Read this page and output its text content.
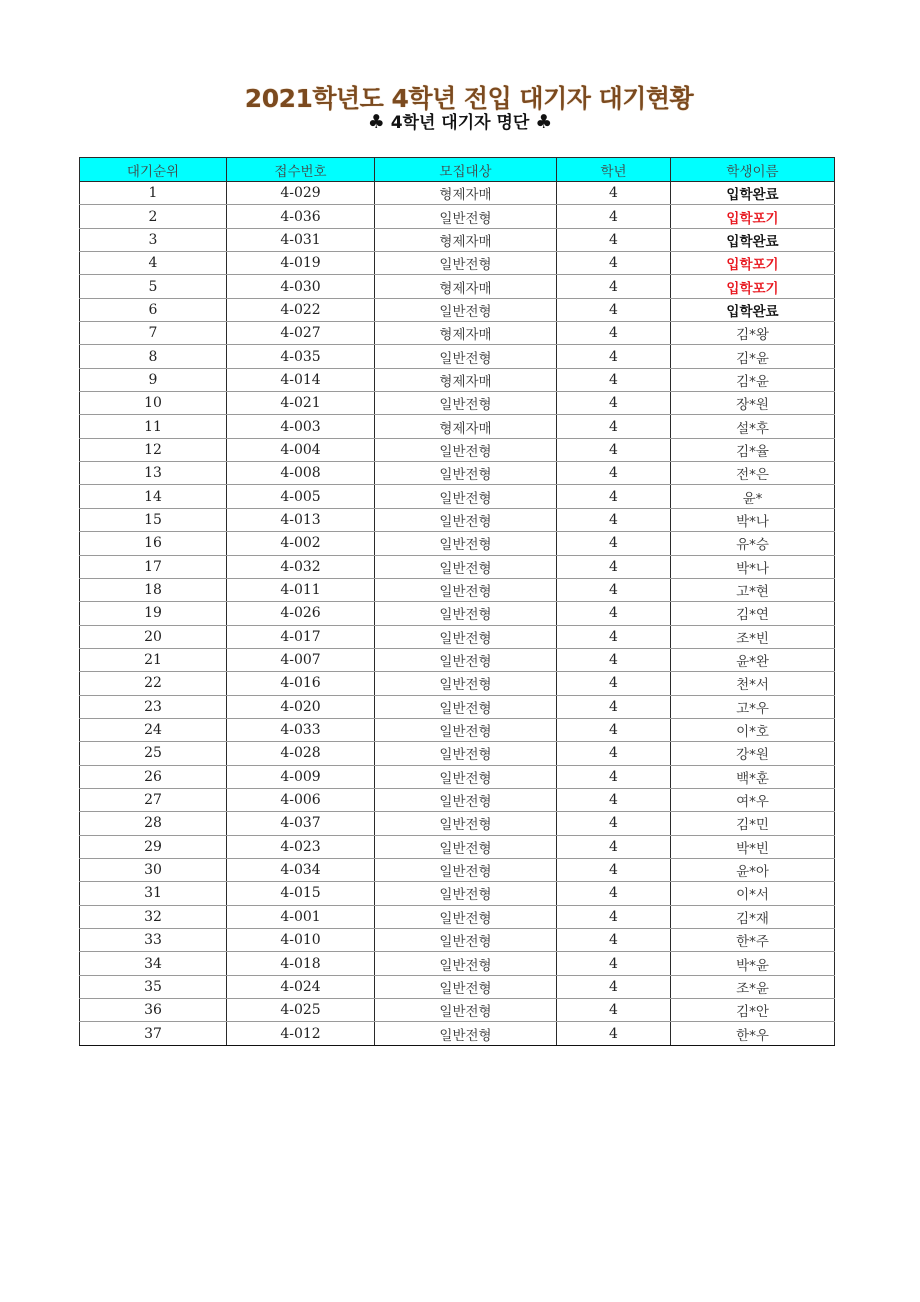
2021학년도 4학년 전입 대기자 대기현황
♣ 4학년 대기자 명단 ♣
대기순위	접수번호	모집대상	학년	학생이름
1	4-029	형제자매	4	입학완료
2	4-036	일반전형	4	입학포기
3	4-031	형제자매	4	입학완료
4	4-019	일반전형	4	입학포기
5	4-030	형제자매	4	입학포기
6	4-022	일반전형	4	입학완료
7	4-027	형제자매	4	김*왕
8	4-035	일반전형	4	김*윤
9	4-014	형제자매	4	김*윤
10	4-021	일반전형	4	장*원
11	4-003	형제자매	4	설*후
12	4-004	일반전형	4	김*율
13	4-008	일반전형	4	전*은
14	4-005	일반전형	4	윤*
15	4-013	일반전형	4	박*나
16	4-002	일반전형	4	유*승
17	4-032	일반전형	4	박*나
18	4-011	일반전형	4	고*현
19	4-026	일반전형	4	김*연
20	4-017	일반전형	4	조*빈
21	4-007	일반전형	4	윤*완
22	4-016	일반전형	4	천*서
23	4-020	일반전형	4	고*우
24	4-033	일반전형	4	이*호
25	4-028	일반전형	4	강*원
26	4-009	일반전형	4	백*훈
27	4-006	일반전형	4	여*우
28	4-037	일반전형	4	김*민
29	4-023	일반전형	4	박*빈
30	4-034	일반전형	4	윤*아
31	4-015	일반전형	4	이*서
32	4-001	일반전형	4	김*재
33	4-010	일반전형	4	한*주
34	4-018	일반전형	4	박*윤
35	4-024	일반전형	4	조*윤
36	4-025	일반전형	4	김*안
37	4-012	일반전형	4	한*우
